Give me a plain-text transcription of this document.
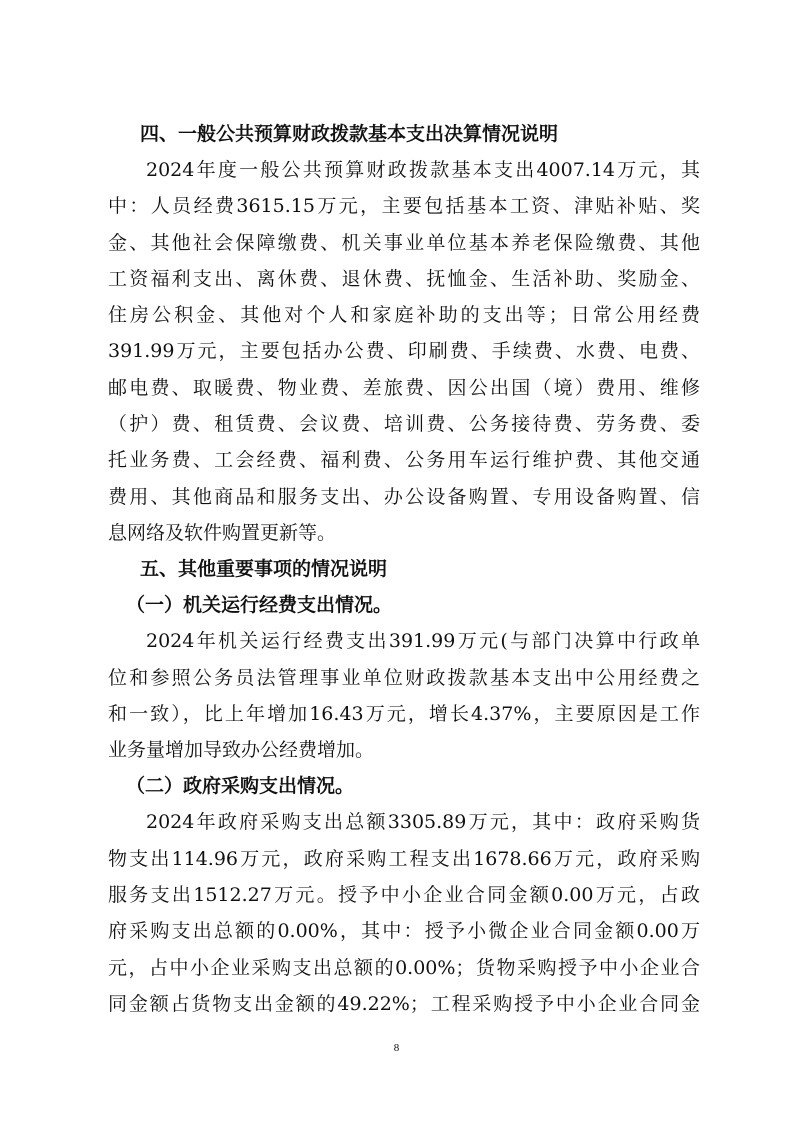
四、一般公共预算财政拨款基本支出决算情况说明
2024年度一般公共预算财政拨款基本支出4007.14万元，其
中：人员经费3615.15万元，主要包括基本工资、津贴补贴、奖
金、其他社会保障缴费、机关事业单位基本养老保险缴费、其他
工资福利支出、离休费、退休费、抚恤金、生活补助、奖励金、
住房公积金、其他对个人和家庭补助的支出等；日常公用经费
391.99万元，主要包括办公费、印刷费、手续费、水费、电费、
邮电费、取暖费、物业费、差旅费、因公出国（境）费用、维修
（护）费、租赁费、会议费、培训费、公务接待费、劳务费、委
托业务费、工会经费、福利费、公务用车运行维护费、其他交通
费用、其他商品和服务支出、办公设备购置、专用设备购置、信
息网络及软件购置更新等。
五、其他重要事项的情况说明
（一）机关运行经费支出情况。
2024年机关运行经费支出391.99万元(与部门决算中行政单
位和参照公务员法管理事业单位财政拨款基本支出中公用经费之
和一致），比上年增加16.43万元，增长4.37%，主要原因是工作
业务量增加导致办公经费增加。
（二）政府采购支出情况。
2024年政府采购支出总额3305.89万元，其中：政府采购货
物支出114.96万元，政府采购工程支出1678.66万元，政府采购
服务支出1512.27万元。授予中小企业合同金额0.00万元，占政
府采购支出总额的0.00%，其中：授予小微企业合同金额0.00万
元，占中小企业采购支出总额的0.00%；货物采购授予中小企业合
同金额占货物支出金额的49.22%；工程采购授予中小企业合同金
8
